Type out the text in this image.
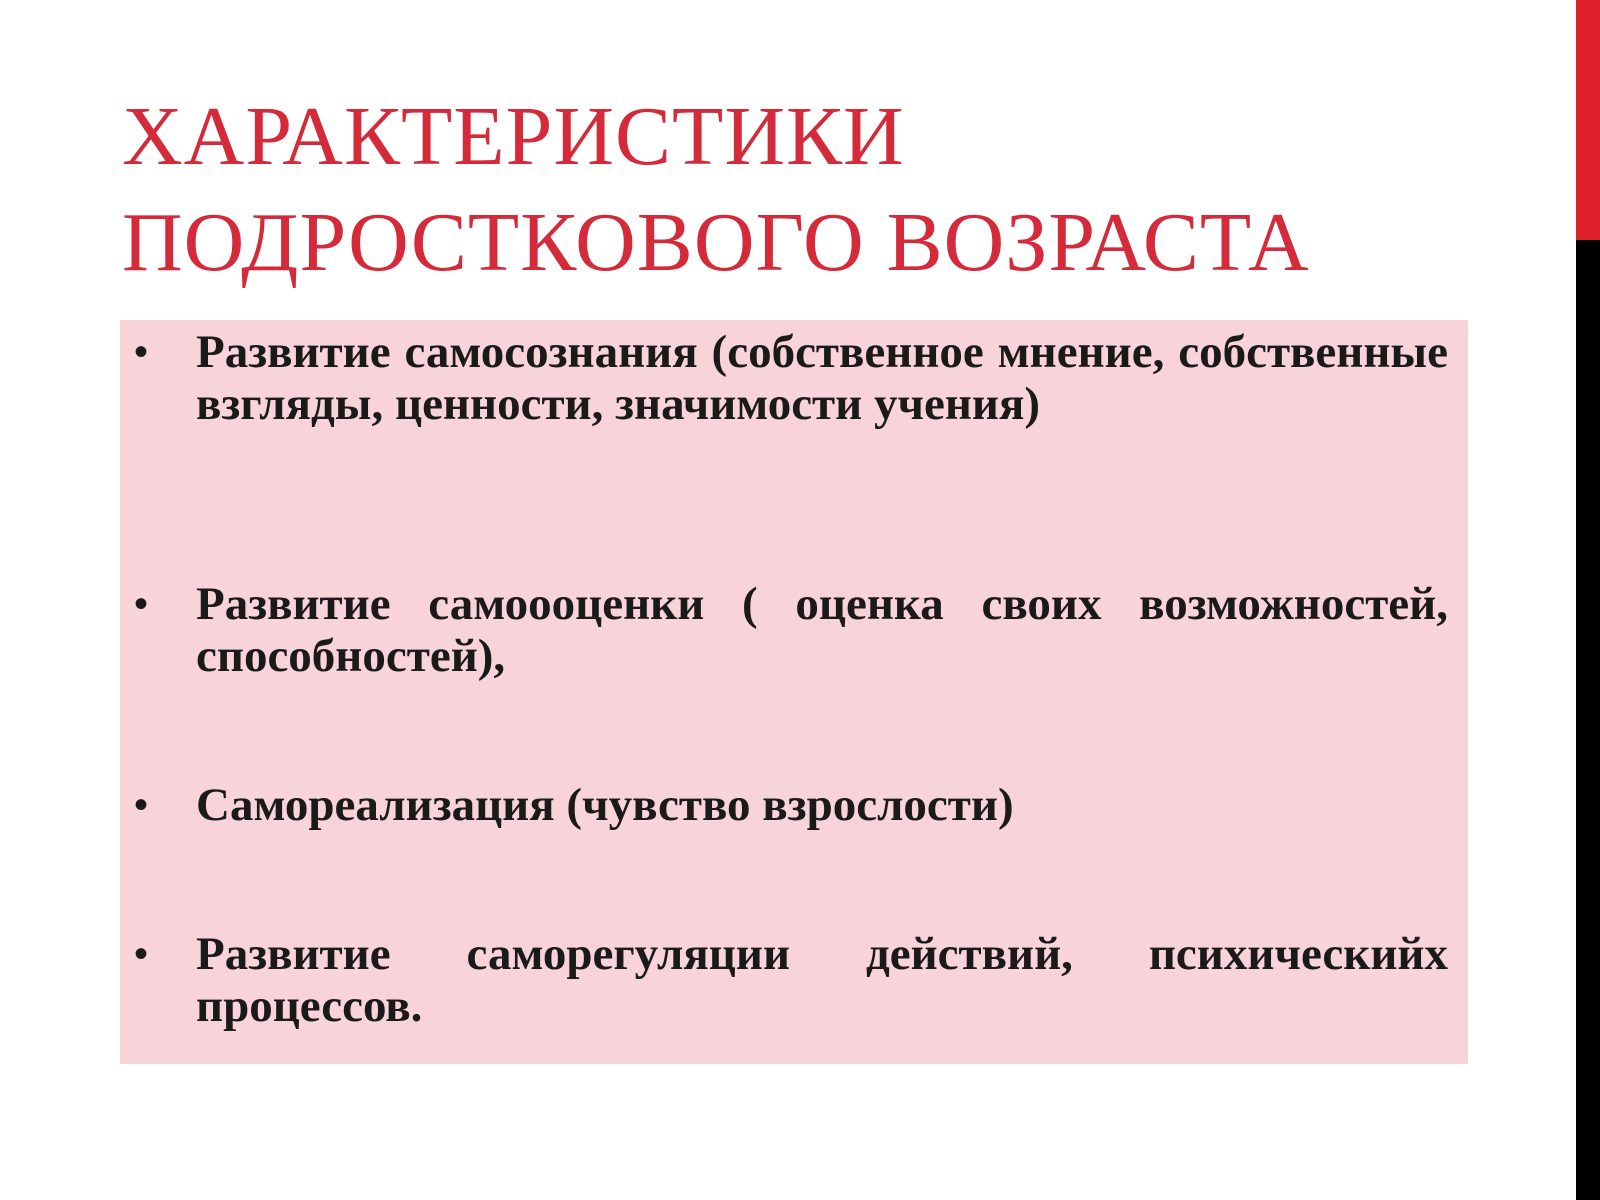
ХАРАКТЕРИСТИКИ
ПОДРОСТКОВОГО ВОЗРАСТА
• Развитие самосознания (собственное мнение, собственные взгляды, ценности, значимости учения)

• Развитие самоооценки ( оценка своих возможностей, способностей),

• Самореализация (чувство взрослости)

• Развитие саморегуляции действий, психическийх процессов.
